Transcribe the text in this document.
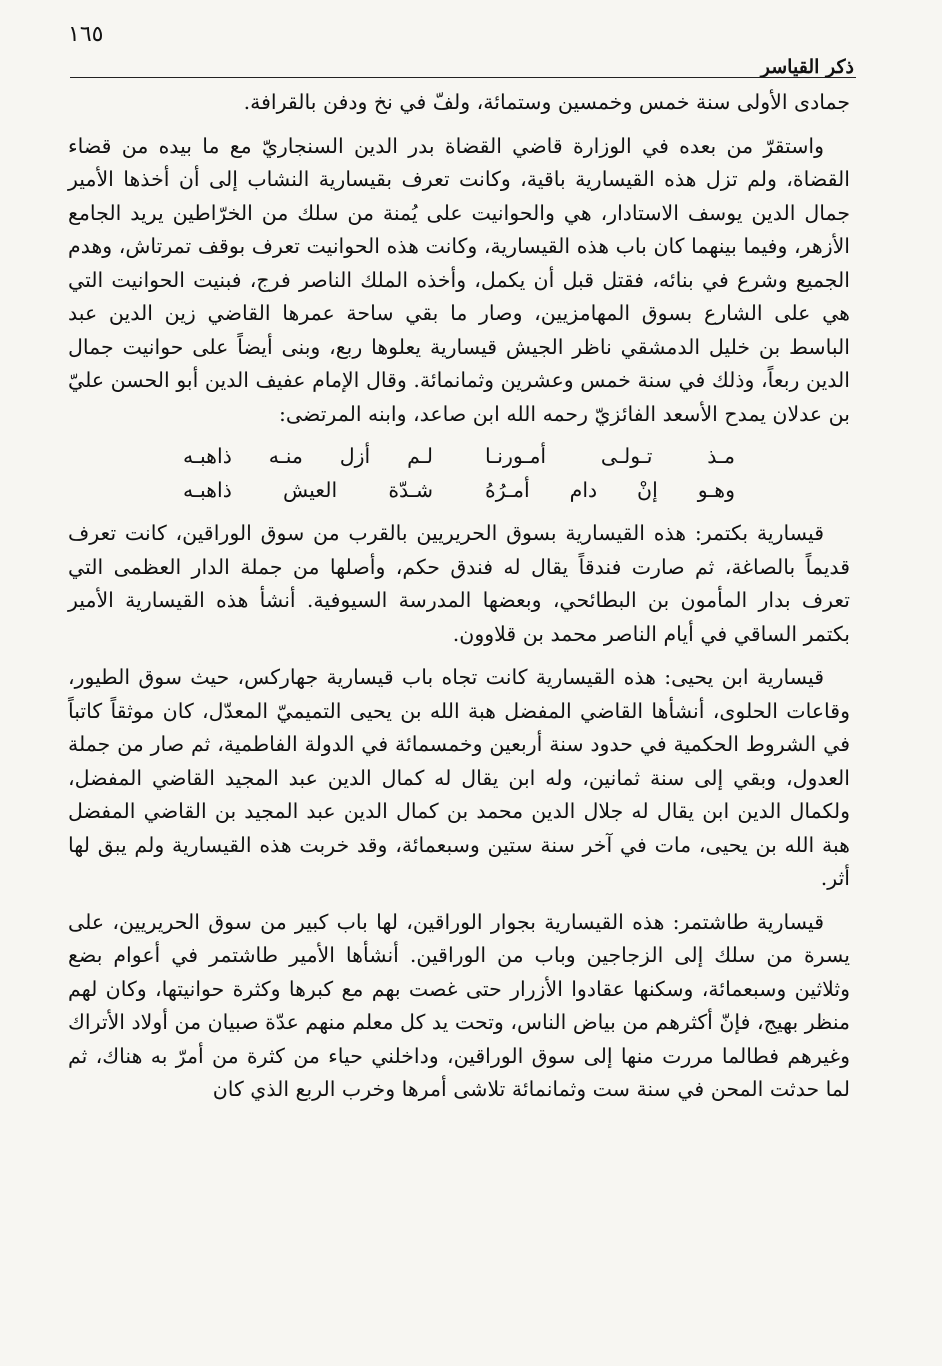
١٦٥
ذكر القياسر

جمادى الأولى سنة خمس وخمسين وستمائة، ولفّ في نخ ودفن بالقرافة.

واستقرّ من بعده في الوزارة قاضي القضاة بدر الدين السنجاريّ مع ما بيده من قضاء القضاة، ولم تزل هذه القيسارية باقية، وكانت تعرف بقيسارية النشاب إلى أن أخذها الأمير جمال الدين يوسف الاستادار، هي والحوانيت على يُمنة من سلك من الخرّاطين يريد الجامع الأزهر، وفيما بينهما كان باب هذه القيسارية، وكانت هذه الحوانيت تعرف بوقف تمرتاش، وهدم الجميع وشرع في بنائه، فقتل قبل أن يكمل، وأخذه الملك الناصر فرج، فبنيت الحوانيت التي هي على الشارع بسوق المهامزيين، وصار ما بقي ساحة عمرها القاضي زين الدين عبد الباسط بن خليل الدمشقي ناظر الجيش قيسارية يعلوها ربع، وبنى أيضاً على حوانيت جمال الدين ربعاً، وذلك في سنة خمس وعشرين وثمانمائة. وقال الإمام عفيف الدين أبو الحسن عليّ بن عدلان يمدح الأسعد الفائزيّ رحمه الله ابن صاعد، وابنه المرتضى:

مـذ تـولـى أمـورنـا
لـم أزل منـه ذاهبـه
وهـو إنْ دام أمـرُهُ
شـدّة العيش ذاهبـه

قيسارية بكتمر: هذه القيسارية بسوق الحريريين بالقرب من سوق الوراقين، كانت تعرف قديماً بالصاغة، ثم صارت فندقاً يقال له فندق حكم، وأصلها من جملة الدار العظمى التي تعرف بدار المأمون بن البطائحي، وبعضها المدرسة السيوفية. أنشأ هذه القيسارية الأمير بكتمر الساقي في أيام الناصر محمد بن قلاوون.

قيسارية ابن يحيى: هذه القيسارية كانت تجاه باب قيسارية جهاركس، حيث سوق الطيور، وقاعات الحلوى، أنشأها القاضي المفضل هبة الله بن يحيى التميميّ المعدّل، كان موثقاً كاتباً في الشروط الحكمية في حدود سنة أربعين وخمسمائة في الدولة الفاطمية، ثم صار من جملة العدول، وبقي إلى سنة ثمانين، وله ابن يقال له كمال الدين عبد المجيد القاضي المفضل، ولكمال الدين ابن يقال له جلال الدين محمد بن كمال الدين عبد المجيد بن القاضي المفضل هبة الله بن يحيى، مات في آخر سنة ستين وسبعمائة، وقد خربت هذه القيسارية ولم يبق لها أثر.

قيسارية طاشتمر: هذه القيسارية بجوار الوراقين، لها باب كبير من سوق الحريريين، على يسرة من سلك إلى الزجاجين وباب من الوراقين. أنشأها الأمير طاشتمر في أعوام بضع وثلاثين وسبعمائة، وسكنها عقادوا الأزرار حتى غصت بهم مع كبرها وكثرة حوانيتها، وكان لهم منظر بهيج، فإنّ أكثرهم من بياض الناس، وتحت يد كل معلم منهم عدّة صبيان من أولاد الأتراك وغيرهم فطالما مررت منها إلى سوق الوراقين، وداخلني حياء من كثرة من أمرّ به هناك، ثم لما حدثت المحن في سنة ست وثمانمائة تلاشى أمرها وخرب الربع الذي كان
